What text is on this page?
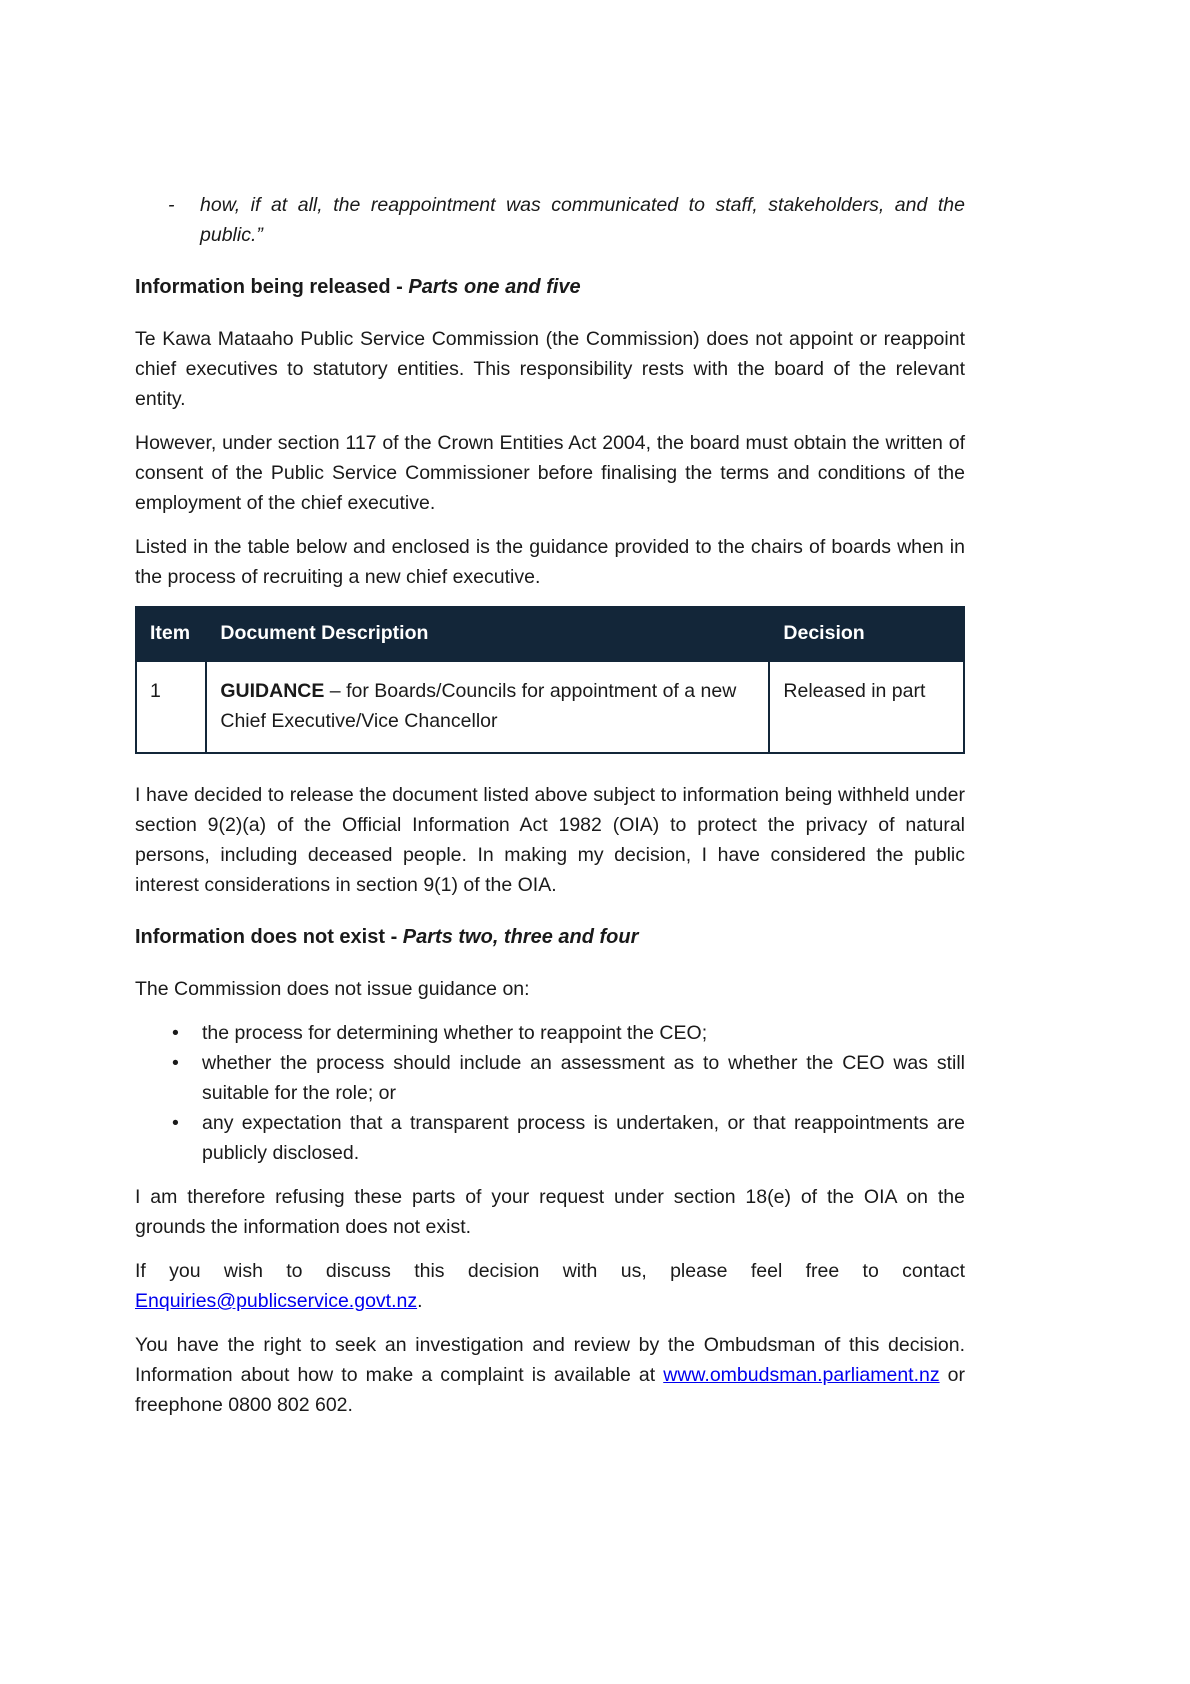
-	how, if at all, the reappointment was communicated to staff, stakeholders, and the public.”
Information being released - Parts one and five

Te Kawa Mataaho Public Service Commission (the Commission) does not appoint or reappoint chief executives to statutory entities. This responsibility rests with the board of the relevant entity.

However, under section 117 of the Crown Entities Act 2004, the board must obtain the written of consent of the Public Service Commissioner before finalising the terms and conditions of the employment of the chief executive.

Listed in the table below and enclosed is the guidance provided to the chairs of boards when in the process of recruiting a new chief executive.

Item	Document Description	Decision
1	GUIDANCE – for Boards/Councils for appointment of a new Chief Executive/Vice Chancellor	Released in part

I have decided to release the document listed above subject to information being withheld under section 9(2)(a) of the Official Information Act 1982 (OIA) to protect the privacy of natural persons, including deceased people. In making my decision, I have considered the public interest considerations in section 9(1) of the OIA.

Information does not exist - Parts two, three and four

The Commission does not issue guidance on:

•	the process for determining whether to reappoint the CEO;
•	whether the process should include an assessment as to whether the CEO was still suitable for the role; or
•	any expectation that a transparent process is undertaken, or that reappointments are publicly disclosed.

I am therefore refusing these parts of your request under section 18(e) of the OIA on the grounds the information does not exist.

If you wish to discuss this decision with us, please feel free to contact Enquiries@publicservice.govt.nz.

You have the right to seek an investigation and review by the Ombudsman of this decision. Information about how to make a complaint is available at www.ombudsman.parliament.nz or freephone 0800 802 602.
